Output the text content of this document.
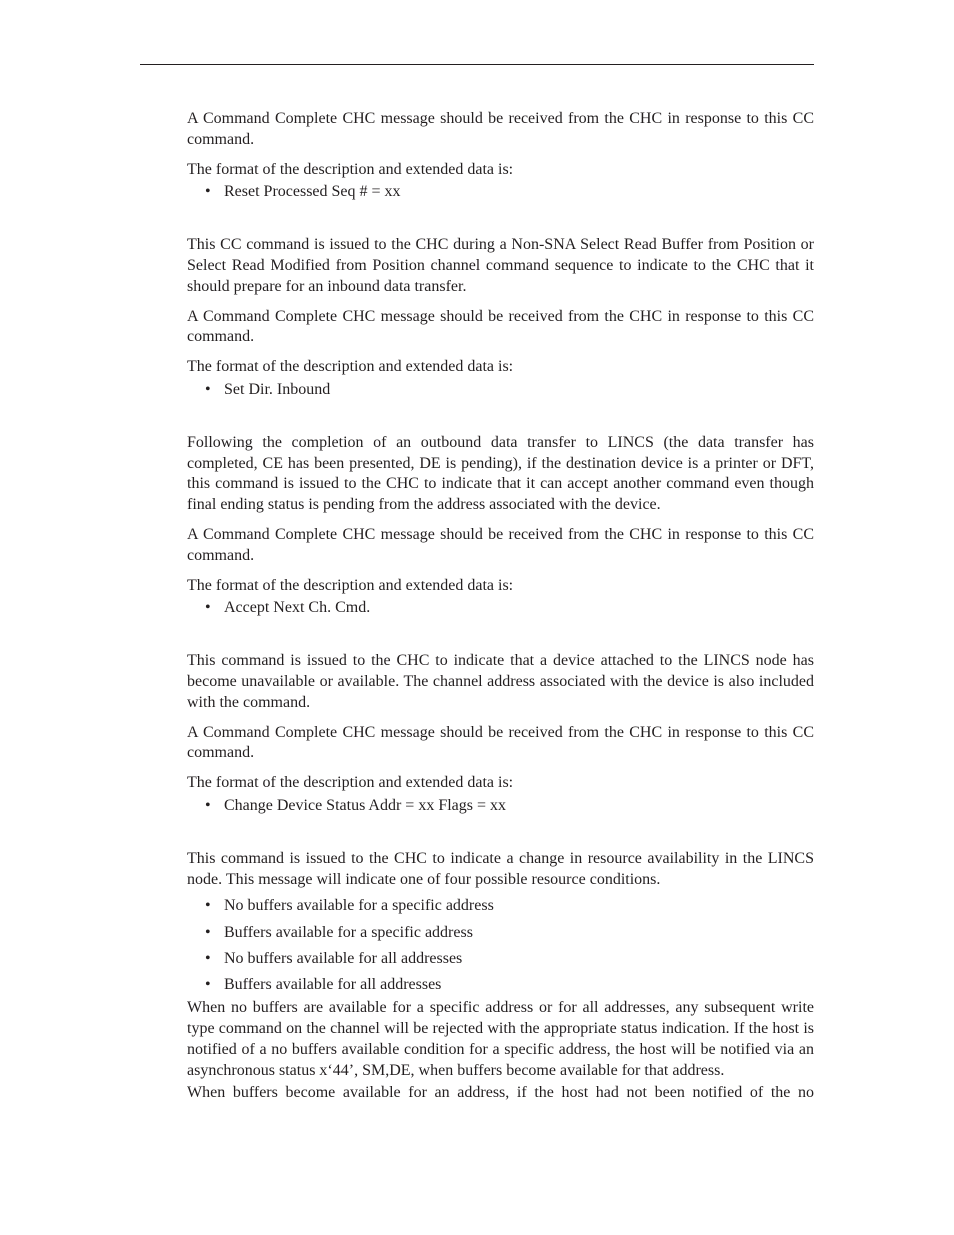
A Command Complete CHC message should be received from the CHC in response to this CC command.

The format of the description and extended data is:

• Reset Processed Seq # = xx

This CC command is issued to the CHC during a Non-SNA Select Read Buffer from Position or Select Read Modified from Position channel command sequence to indicate to the CHC that it should prepare for an inbound data transfer.

A Command Complete CHC message should be received from the CHC in response to this CC command.

The format of the description and extended data is:

• Set Dir. Inbound

Following the completion of an outbound data transfer to LINCS (the data transfer has completed, CE has been presented, DE is pending), if the destination device is a printer or DFT, this command is issued to the CHC to indicate that it can accept another command even though final ending status is pending from the address associated with the device.

A Command Complete CHC message should be received from the CHC in response to this CC command.

The format of the description and extended data is:

• Accept Next Ch. Cmd.

This command is issued to the CHC to indicate that a device attached to the LINCS node has become unavailable or available. The channel address associated with the device is also included with the command.

A Command Complete CHC message should be received from the CHC in response to this CC command.

The format of the description and extended data is:

• Change Device Status Addr = xx Flags = xx

This command is issued to the CHC to indicate a change in resource availability in the LINCS node. This message will indicate one of four possible resource conditions.

• No buffers available for a specific address
• Buffers available for a specific address
• No buffers available for all addresses
• Buffers available for all addresses

When no buffers are available for a specific address or for all addresses, any subsequent write type command on the channel will be rejected with the appropriate status indication. If the host is notified of a no buffers available condition for a specific address, the host will be notified via an asynchronous status x‘44’, SM,DE, when buffers become available for that address.

When buffers become available for an address, if the host had not been notified of the no
